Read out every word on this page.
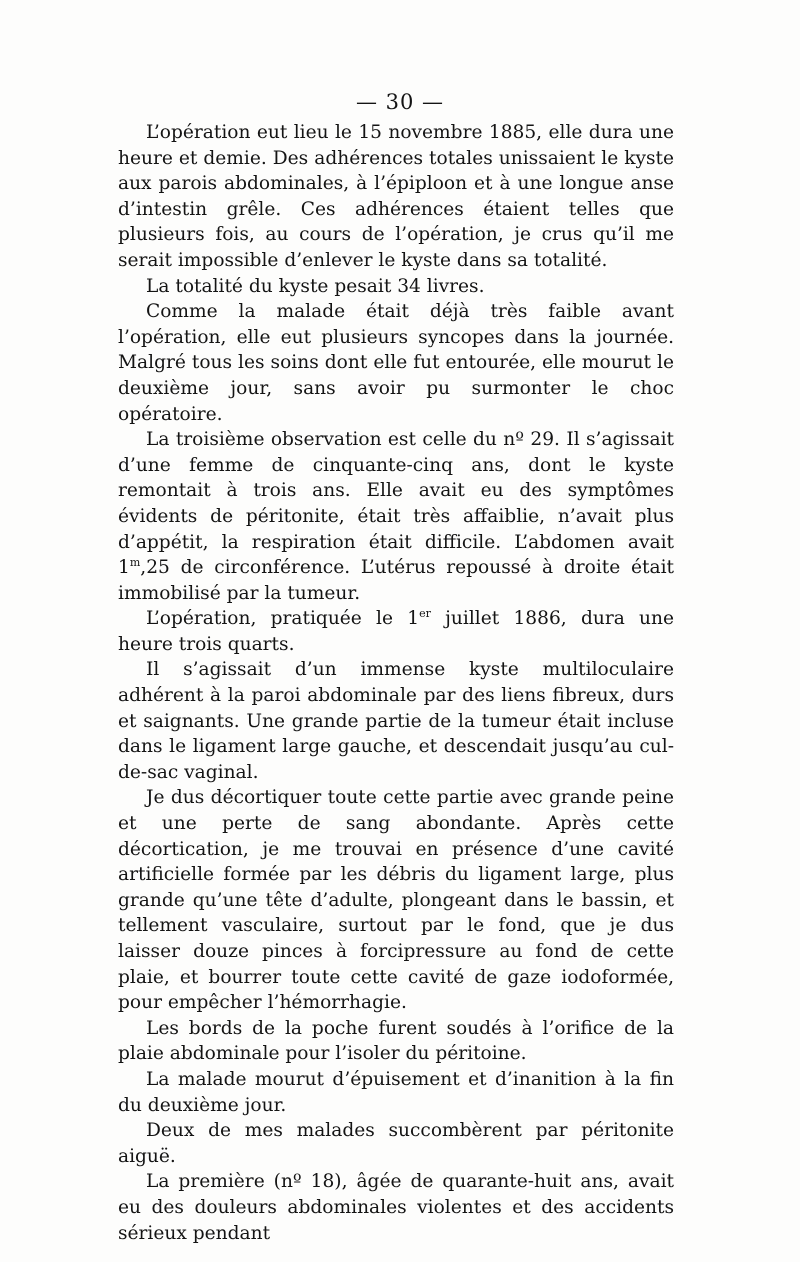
— 30 —

L’opération eut lieu le 15 novembre 1885, elle dura une heure et demie. Des adhérences totales unissaient le kyste aux parois abdominales, à l’épiploon et à une longue anse d’intestin grêle. Ces adhérences étaient telles que plusieurs fois, au cours de l’opération, je crus qu’il me serait impossible d’enlever le kyste dans sa totalité.

La totalité du kyste pesait 34 livres.

Comme la malade était déjà très faible avant l’opération, elle eut plusieurs syncopes dans la journée. Malgré tous les soins dont elle fut entourée, elle mourut le deuxième jour, sans avoir pu surmonter le choc opératoire.

La troisième observation est celle du nº 29. Il s’agissait d’une femme de cinquante-cinq ans, dont le kyste remontait à trois ans. Elle avait eu des symptômes évidents de péritonite, était très affaiblie, n’avait plus d’appétit, la respiration était difficile. L’abdomen avait 1$^m$,25 de circonférence. L’utérus repoussé à droite était immobilisé par la tumeur.

L’opération, pratiquée le 1er juillet 1886, dura une heure trois quarts.

Il s’agissait d’un immense kyste multiloculaire adhérent à la paroi abdominale par des liens fibreux, durs et saignants. Une grande partie de la tumeur était incluse dans le ligament large gauche, et descendait jusqu’au cul-de-sac vaginal.

Je dus décortiquer toute cette partie avec grande peine et une perte de sang abondante. Après cette décortication, je me trouvai en présence d’une cavité artificielle formée par les débris du ligament large, plus grande qu’une tête d’adulte, plongeant dans le bassin, et tellement vasculaire, surtout par le fond, que je dus laisser douze pinces à forcipressure au fond de cette plaie, et bourrer toute cette cavité de gaze iodoformée, pour empêcher l’hémorrhagie.

Les bords de la poche furent soudés à l’orifice de la plaie abdominale pour l’isoler du péritoine.

La malade mourut d’épuisement et d’inanition à la fin du deuxième jour.

Deux de mes malades succombèrent par péritonite aiguë.

La première (nº 18), âgée de quarante-huit ans, avait eu des douleurs abdominales violentes et des accidents sérieux pendant
